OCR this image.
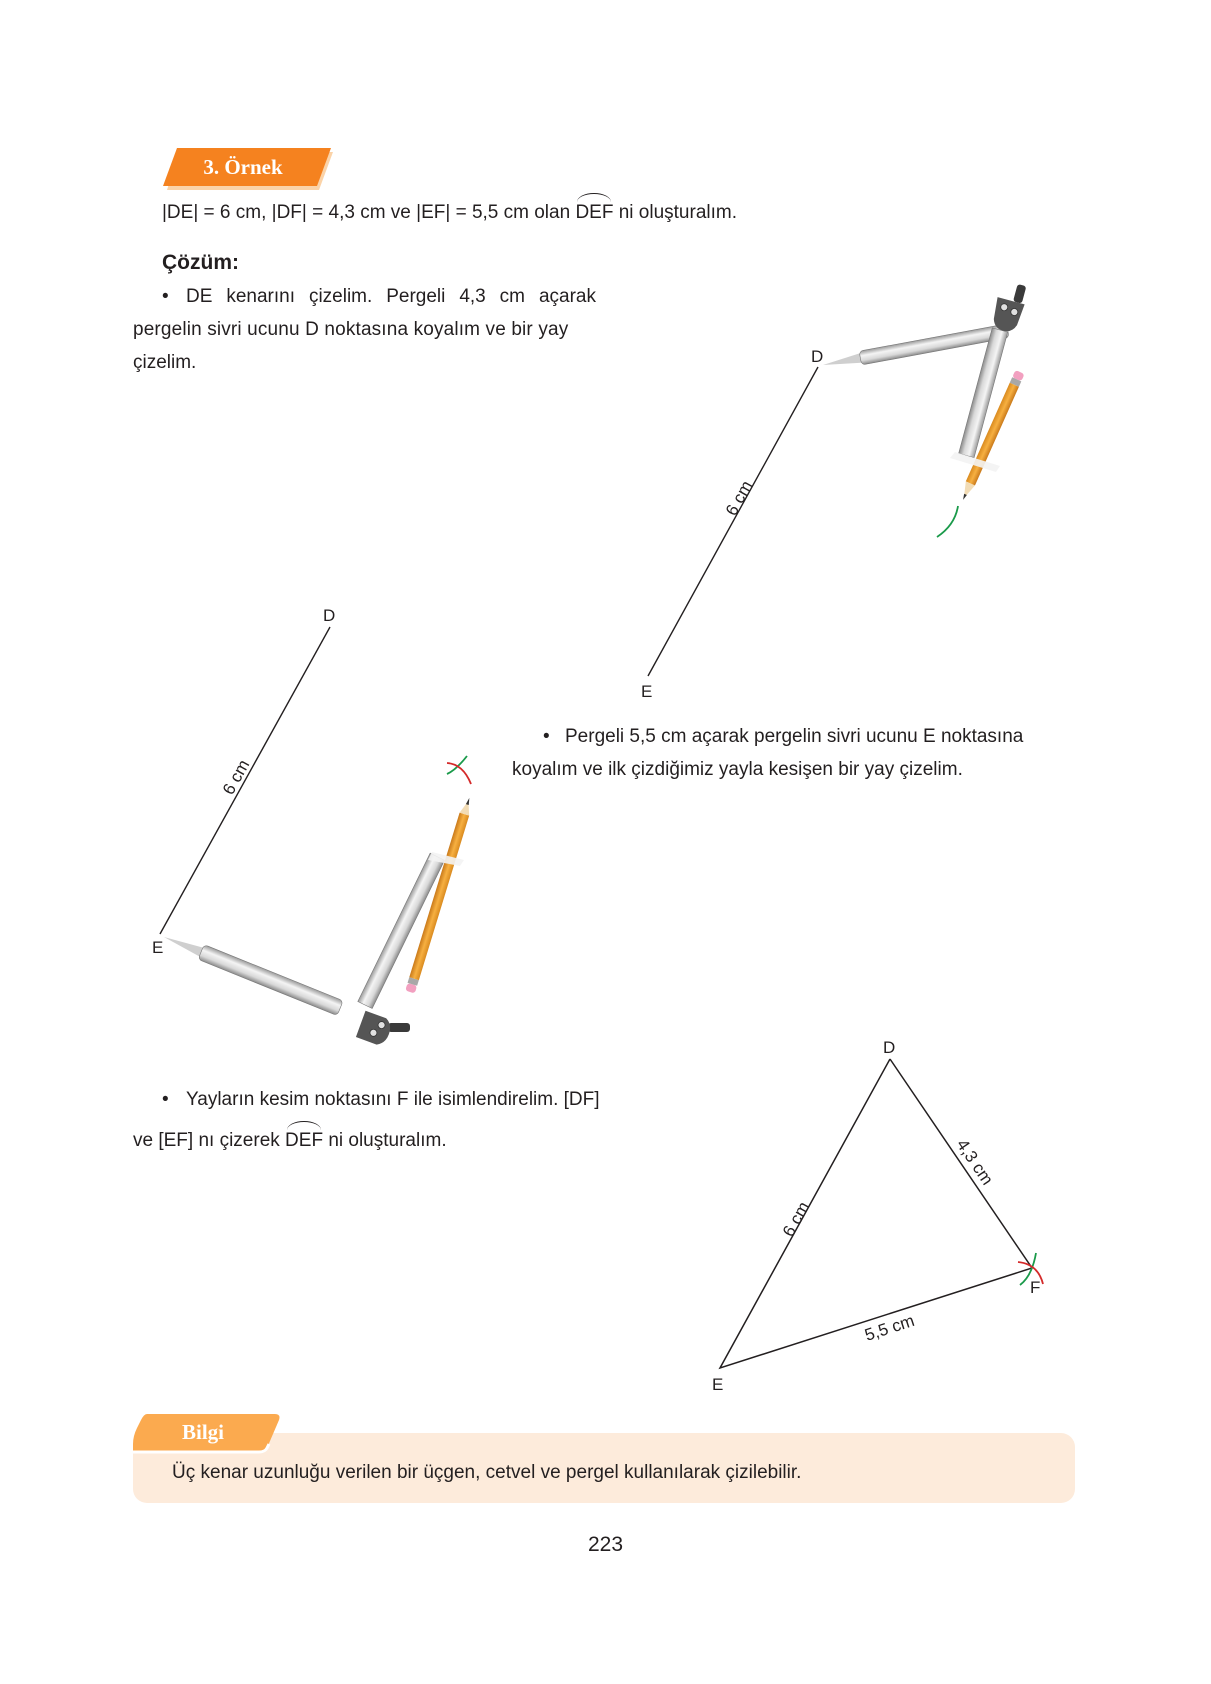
3. Örnek
|DE| = 6 cm, |DF| = 4,3 cm ve |EF| = 5,5 cm olan DEF ni oluşturalım.
Çözüm:
• DE kenarını çizelim. Pergeli 4,3 cm açarak
pergelin sivri ucunu D noktasına koyalım ve bir yay
çizelim.
• Pergeli 5,5 cm açarak pergelin sivri ucunu E noktasına
koyalım ve ilk çizdiğimiz yayla kesişen bir yay çizelim.
• Yayların kesim noktasını F ile isimlendirelim. [DF]
ve [EF] nı çizerek DEF ni oluşturalım.
D
E
6 cm
D
E
6 cm
D
E
F
6 cm
4,3 cm
5,5 cm
Bilgi
Üç kenar uzunluğu verilen bir üçgen, cetvel ve pergel kullanılarak çizilebilir.
223
